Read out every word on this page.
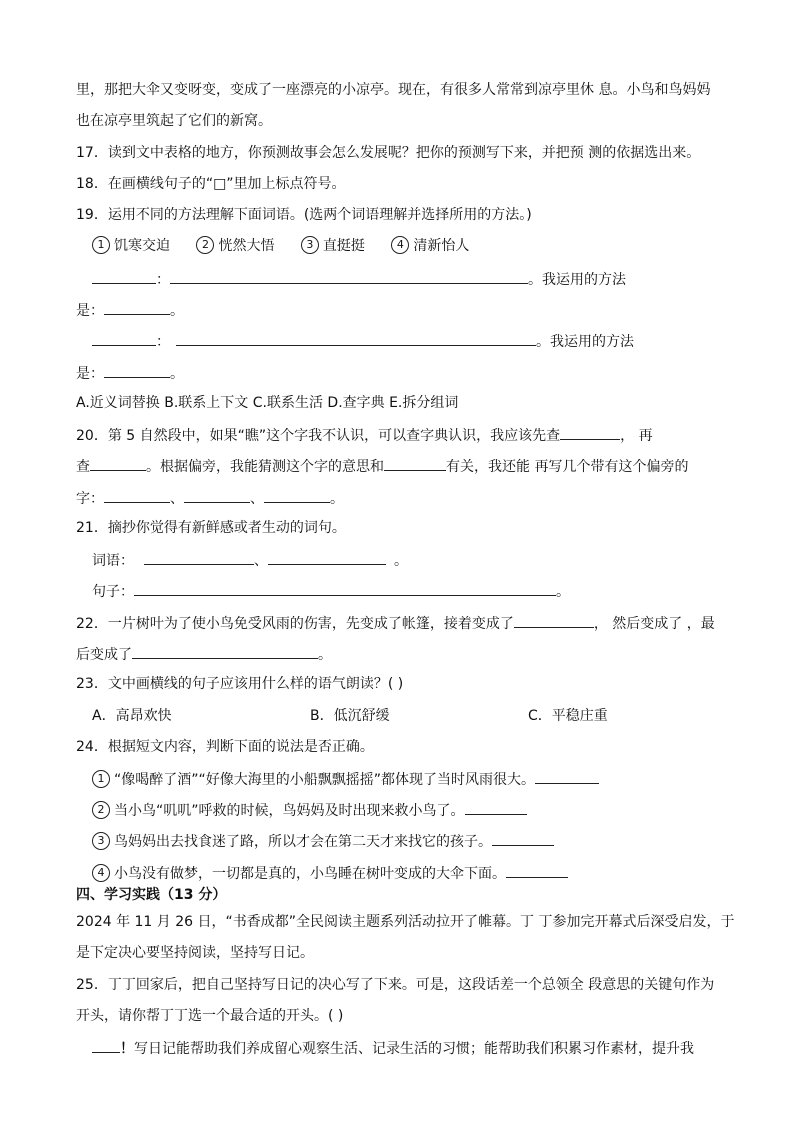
里，那把大伞又变呀变，变成了一座漂亮的小凉亭。现在，有很多人常常到凉亭里休 息。小鸟和鸟妈妈
也在凉亭里筑起了它们的新窝。
17．读到文中表格的地方，你预测故事会怎么发展呢？把你的预测写下来，并把预 测的依据选出来。
18．在画横线句子的“□”里加上标点符号。
19．运用不同的方法理解下面词语。(选两个词语理解并选择所用的方法。)
1 饥寒交迫	2 恍然大悟	3 直挺挺	4 清新怡人
：	。我运用的方法
是：	。
：	。我运用的方法
是：	。
A.近义词替换 B.联系上下文 C.联系生活 D.查字典 E.拆分组词
20．第 5 自然段中，如果“瞧”这个字我不认识，可以查字典认识，我应该先查	， 再
查	。根据偏旁，我能猜测这个字的意思和	有关，我还能 再写几个带有这个偏旁的
字：	、	、	。
21．摘抄你觉得有新鲜感或者生动的词句。
词语：	、	。
句子：	。
22．一片树叶为了使小鸟免受风雨的伤害，先变成了帐篷，接着变成了	， 然后变成了 ，最
后变成了	。
23．文中画横线的句子应该用什么样的语气朗读？( )
A．高昂欢快	B．低沉舒缓	C．平稳庄重
24．根据短文内容，判断下面的说法是否正确。
1 “像喝醉了酒”“好像大海里的小船飘飘摇摇”都体现了当时风雨很大。
2 当小鸟“叽叽”呼救的时候，鸟妈妈及时出现来救小鸟了。
3 鸟妈妈出去找食迷了路，所以才会在第二天才来找它的孩子。
4 小鸟没有做梦，一切都是真的，小鸟睡在树叶变成的大伞下面。
四、学习实践（13 分）
2024 年 11 月 26 日，“书香成都”全民阅读主题系列活动拉开了帷幕。丁 丁参加完开幕式后深受启发，于
是下定决心要坚持阅读，坚持写日记。
25．丁丁回家后，把自己坚持写日记的决心写了下来。可是，这段话差一个总领全 段意思的关键句作为
开头，请你帮丁丁选一个最合适的开头。( )
！写日记能帮助我们养成留心观察生活、记录生活的习惯；能帮助我们积累习作素材，提升我
